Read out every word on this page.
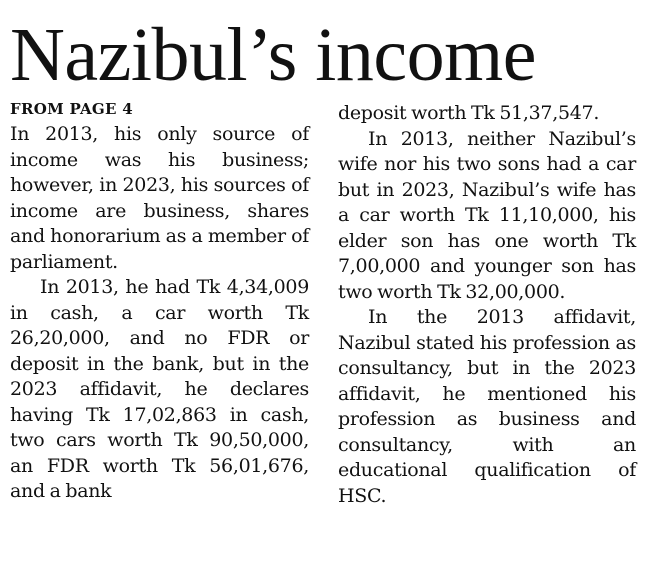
Nazibul’s income
FROM PAGE 4

In 2013, his only source of income was his business; however, in 2023, his sources of income are business, shares and honorarium as a member of parliament.

In 2013, he had Tk 4,34,009 in cash, a car worth Tk 26,20,000, and no FDR or deposit in the bank, but in the 2023 affidavit, he declares having Tk 17,02,863 in cash, two cars worth Tk 90,50,000, an FDR worth Tk 56,01,676, and a bank

deposit worth Tk 51,37,547.

In 2013, neither Nazibul’s wife nor his two sons had a car but in 2023, Nazibul’s wife has a car worth Tk 11,10,000, his elder son has one worth Tk 7,00,000 and younger son has two worth Tk 32,00,000.

In the 2013 affidavit, Nazibul stated his profession as consultancy, but in the 2023 affidavit, he mentioned his profession as business and consultancy, with an educational qualification of HSC.
